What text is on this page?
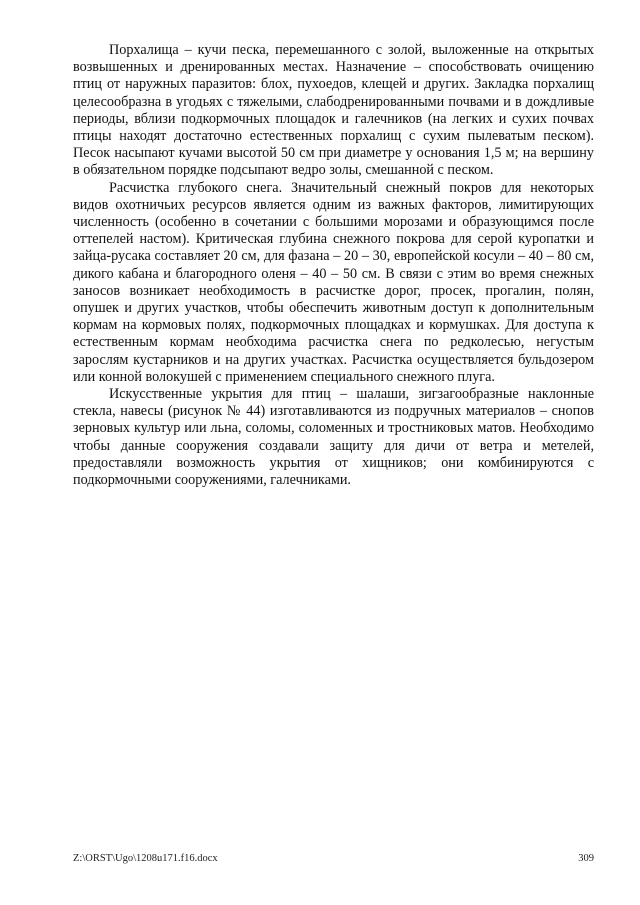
Порхалища – кучи песка, перемешанного с золой, выложенные на открытых возвышенных и дренированных местах. Назначение – способствовать очищению птиц от наружных паразитов: блох, пухоедов, клещей и других. Закладка порхалищ целесообразна в угодьях с тяжелыми, слабодренированными почвами и в дождливые периоды, вблизи подкормочных площадок и галечников (на легких и сухих почвах птицы находят достаточно естественных порхалищ с сухим пылеватым песком). Песок насыпают кучами высотой 50 см при диаметре у основания 1,5 м; на вершину в обязательном порядке подсыпают ведро золы, смешанной с песком.

Расчистка глубокого снега. Значительный снежный покров для некоторых видов охотничьих ресурсов является одним из важных факторов, лимитирующих численность (особенно в сочетании с большими морозами и образующимся после оттепелей настом). Критическая глубина снежного покрова для серой куропатки и зайца-русака составляет 20 см, для фазана – 20 – 30, европейской косули – 40 – 80 см, дикого кабана и благородного оленя – 40 – 50 см. В связи с этим во время снежных заносов возникает необходимость в расчистке дорог, просек, прогалин, полян, опушек и других участков, чтобы обеспечить животным доступ к дополнительным кормам на кормовых полях, подкормочных площадках и кормушках. Для доступа к естественным кормам необходима расчистка снега по редколесью, негустым зарослям кустарников и на других участках. Расчистка осуществляется бульдозером или конной волокушей с применением специального снежного плуга.

Искусственные укрытия для птиц – шалаши, зигзагообразные наклонные стекла, навесы (рисунок № 44) изготавливаются из подручных материалов – снопов зерновых культур или льна, соломы, соломенных и тростниковых матов. Необходимо чтобы данные сооружения создавали защиту для дичи от ветра и метелей, предоставляли возможность укрытия от хищников; они комбинируются с подкормочными сооружениями, галечниками.

Z:\ORST\Ugo\1208u171.f16.docx	309
